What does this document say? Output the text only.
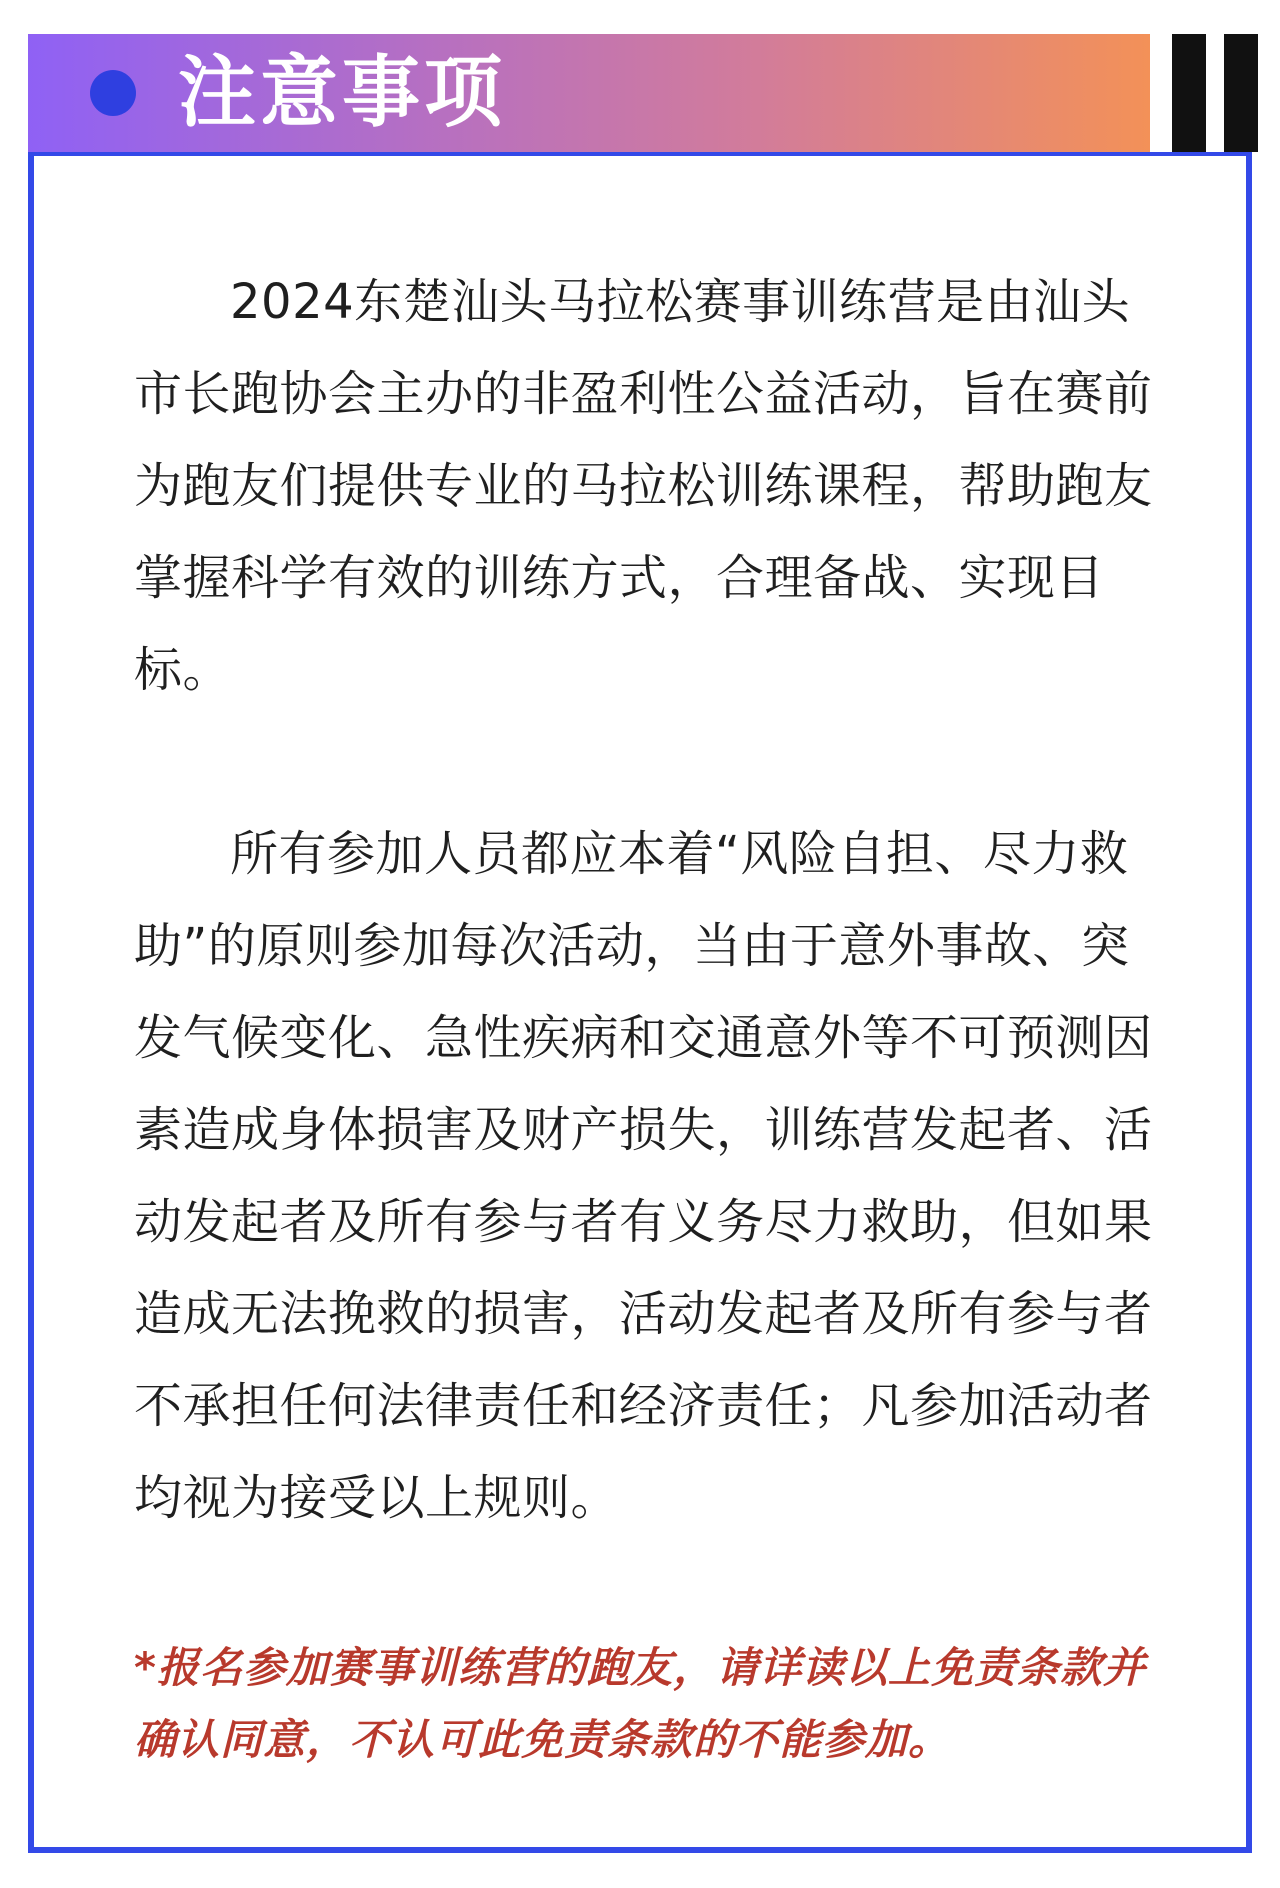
注意事项

2024东楚汕头马拉松赛事训练营是由汕头市长跑协会主办的非盈利性公益活动，旨在赛前为跑友们提供专业的马拉松训练课程，帮助跑友掌握科学有效的训练方式，合理备战、实现目标。

所有参加人员都应本着“风险自担、尽力救助”的原则参加每次活动，当由于意外事故、突发气候变化、急性疾病和交通意外等不可预测因素造成身体损害及财产损失，训练营发起者、活动发起者及所有参与者有义务尽力救助，但如果造成无法挽救的损害，活动发起者及所有参与者不承担任何法律责任和经济责任；凡参加活动者均视为接受以上规则。

*报名参加赛事训练营的跑友，请详读以上免责条款并确认同意，不认可此免责条款的不能参加。
